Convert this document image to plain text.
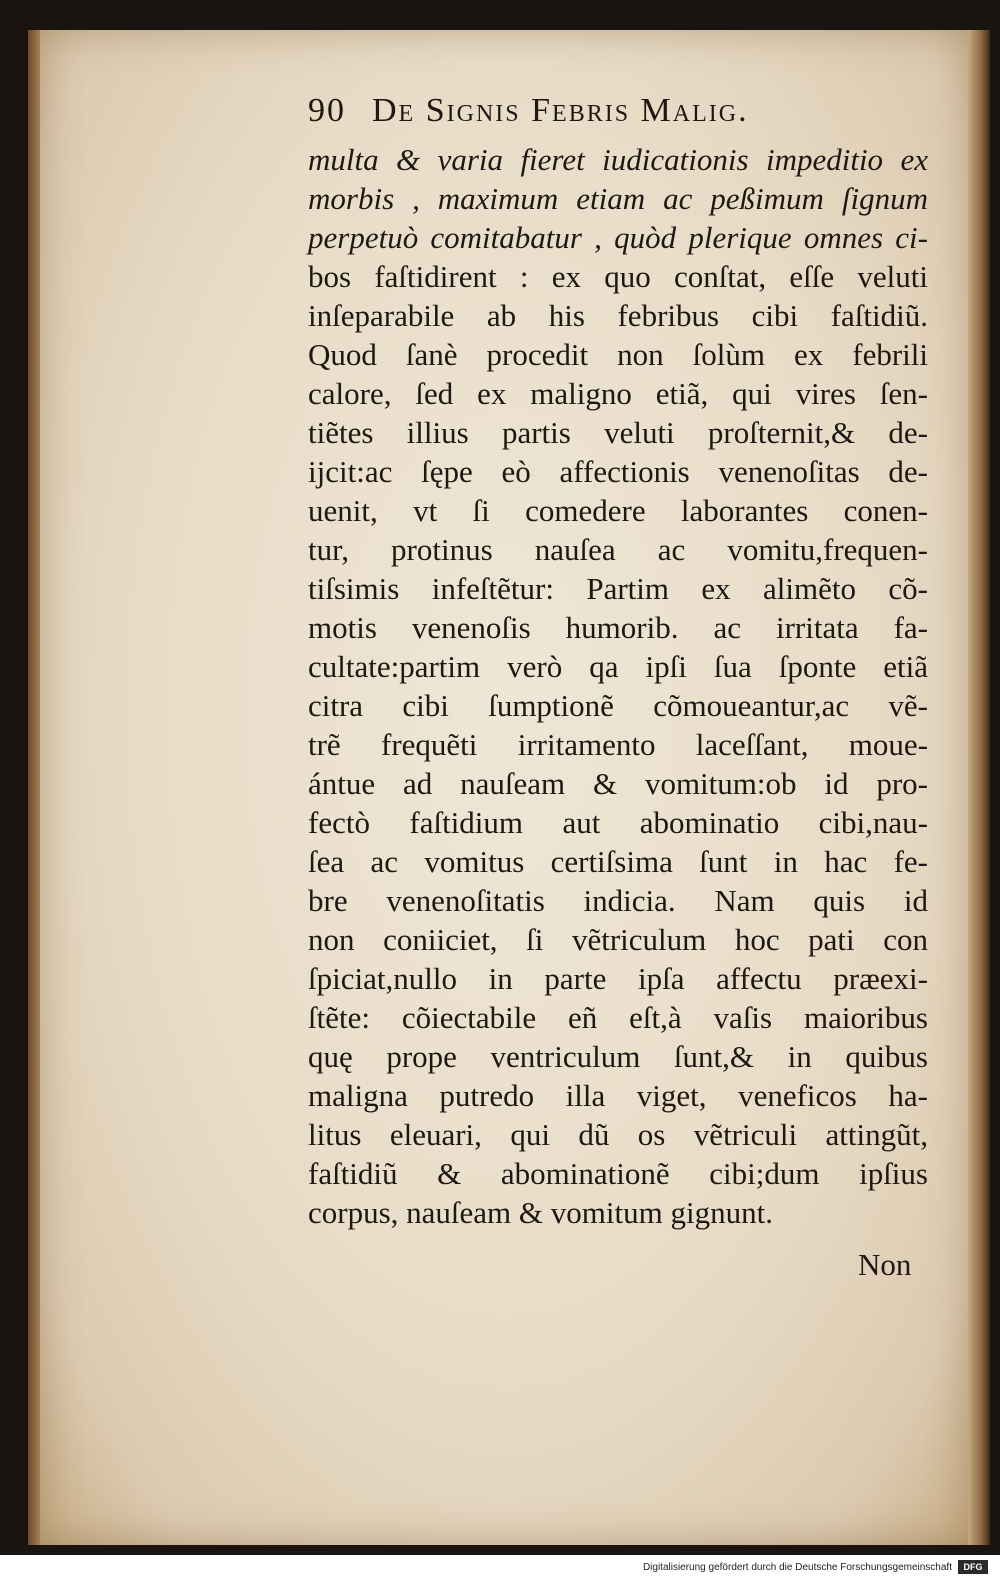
90 De Signis Febris Malig.
multa & varia fieret iudicationis impeditio ex
morbis , maximum etiam ac peßimum ſignum
perpetuò comitabatur , quòd plerique omnes ci-
bos faſtidirent : ex quo conſtat, eſſe veluti
inſeparabile ab his febribus cibi faſtidiũ.
Quod ſanè procedit non ſolùm ex febrili
calore, ſed ex maligno etiã, qui vires ſen-
tiẽtes illius partis veluti proſternit,& de-
ijcit:ac ſępe eò affectionis venenoſitas de-
uenit, vt ſi comedere laborantes conen-
tur, protinus nauſea ac vomitu,frequen-
tiſsimis infeſtẽtur: Partim ex alimẽto cõ-
motis venenoſis humorib. ac irritata fa-
cultate:partim verò qa ipſi ſua ſponte etiã
citra cibi ſumptionẽ cõmoueantur,ac vẽ-
trẽ frequẽti irritamento laceſſant, moue-
ántue ad nauſeam & vomitum:ob id pro-
fectò faſtidium aut abominatio cibi,nau-
ſea ac vomitus certiſsima ſunt in hac fe-
bre venenoſitatis indicia. Nam quis id
non coniiciet, ſi vẽtriculum hoc pati con
ſpiciat,nullo in parte ipſa affectu præexi-
ſtẽte: cõiectabile eñ eſt,à vaſis maioribus
quę prope ventriculum ſunt,& in quibus
maligna putredo illa viget, veneficos ha-
litus eleuari, qui dũ os vẽtriculi attingũt,
faſtidiũ & abominationẽ cibi;dum ipſius
corpus, nauſeam & vomitum gignunt.
Non
Digitalisierung gefördert durch die Deutsche Forschungsgemeinschaft	DFG
